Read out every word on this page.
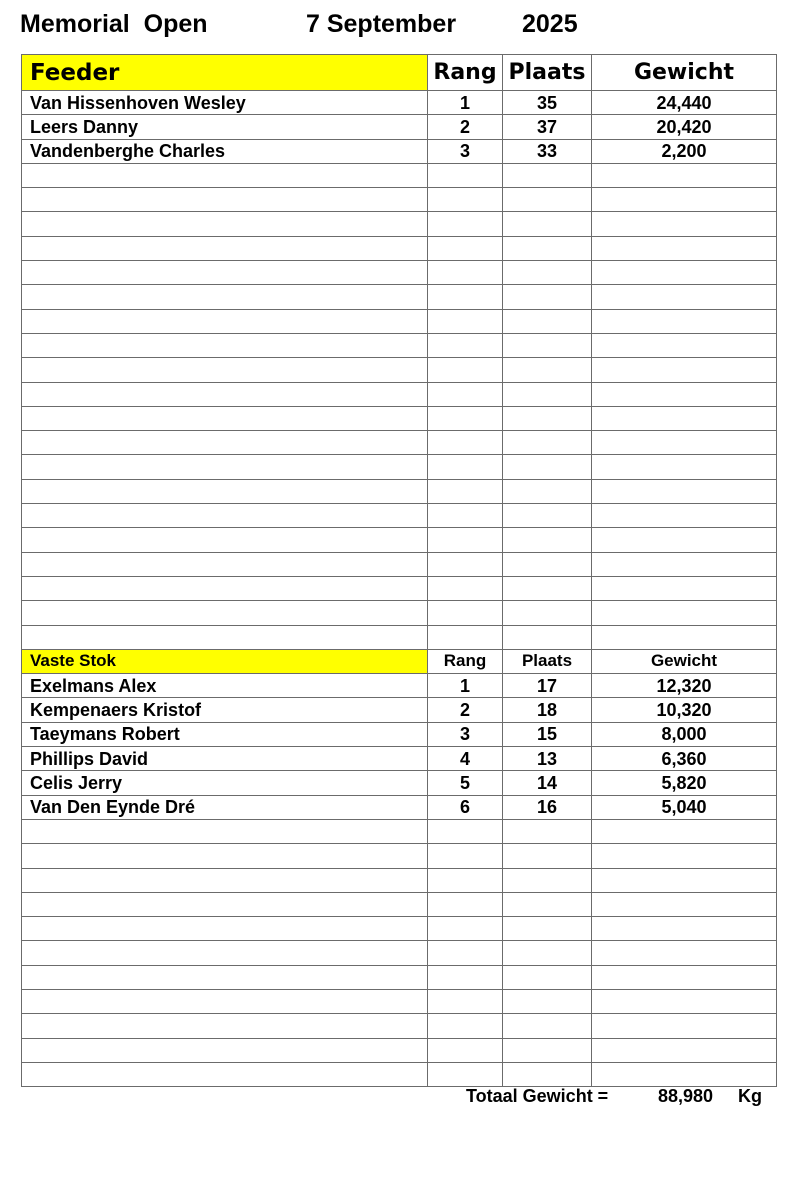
Memorial  Open

	7 September

	2025

Feeder	Rang	Plaats	Gewicht
Van Hissenhoven Wesley	1	35	24,440
Leers Danny	2	37	20,420
Vandenberghe Charles	3	33	2,200

Vaste Stok	Rang	Plaats	Gewicht
Exelmans Alex	1	17	12,320
Kempenaers Kristof	2	18	10,320
Taeymans Robert	3	15	8,000
Phillips David	4	13	6,360
Celis Jerry	5	14	5,820
Van Den Eynde Dré	6	16	5,040

Totaal Gewicht =

	88,980

Kg
